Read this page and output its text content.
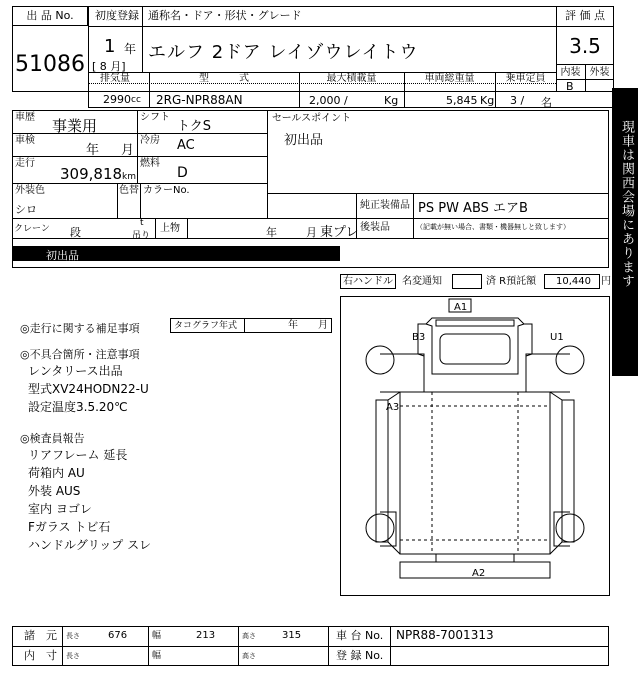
出 品 No.
51086
初度登録
1 年
[ 8 月]
通称名・ドア・形状・グレード
エルフ 2ドア レイゾウレイトウ
評 価 点
3.5
内装 外装
B
排気量
2990 cc
型　　　式
2RG-NPR88AN
最大積載量
2,000 /	Kg
車両総重量
5,845 Kg
乗車定員
3 / 名
車歴 事業用
車検
年 月
走行
309,818 km
シフト
トクS
冷房 AC
燃料
D
外装色
シロ
色替 カラーNo.
セールスポイント
初出品
純正装備品 PS PW ABS エアB
後装品	（記載が無い場合、書類・機器無しと致します）
クレーン 段
t
吊り
上物	年	月 東プレ
初出品
◇◆
現車は関西会場にあります
◆◇
右ハンドル 名変通知	済 R預託額 10,440 円
◎走行に関する補足事項	タコグラフ年式	年 月
◎不具合箇所・注意事項
レンタリース出品
型式XV24HODN22-U
設定温度3.5.20℃
◎検査員報告
リアフレーム 延長
荷箱内 AU
外装 AUS
室内 ヨゴレ
Fガラス トビ石
ハンドルグリップ スレ
A1
B3	U1
A3
A2
諸　元 長さ	676	幅	213	高さ	315	車 台 No. NPR88-7001313
内　寸 長さ	幅	高さ	登 録 No.
